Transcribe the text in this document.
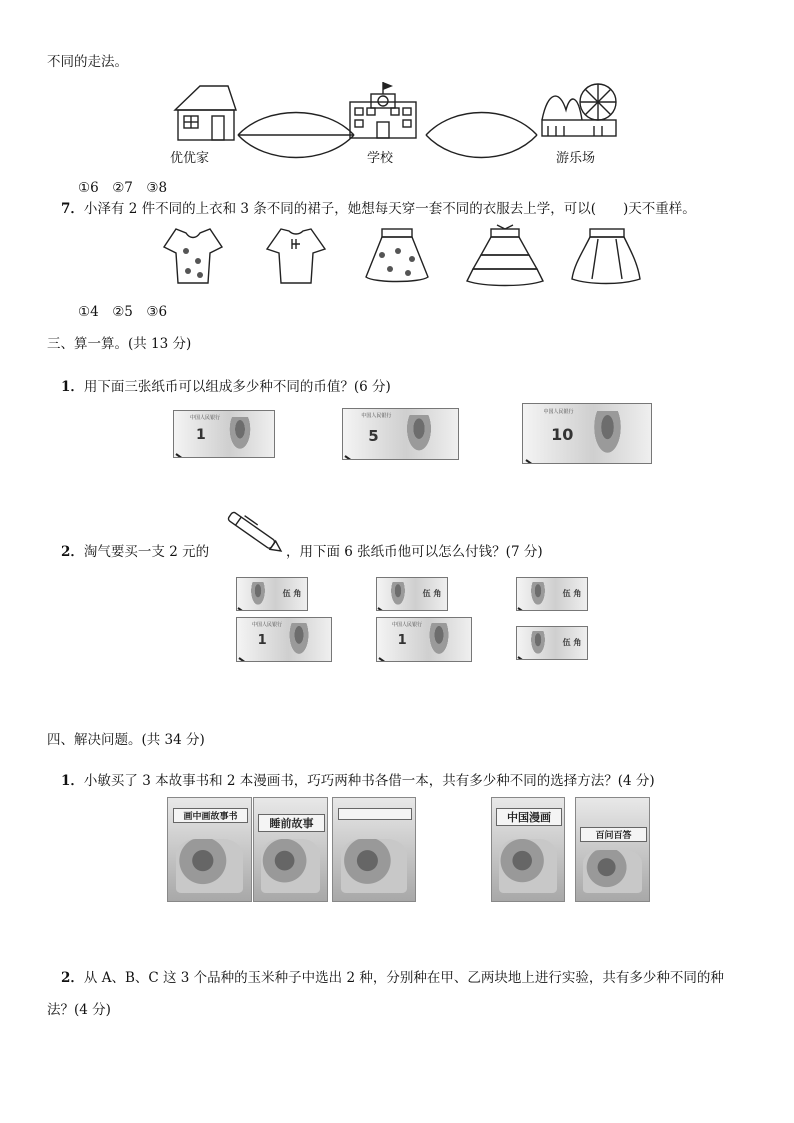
不同的走法。
优优家	学校	游乐场
①6　②7　③8
7．小泽有 2 件不同的上衣和 3 条不同的裙子，她想每天穿一套不同的衣服去上学，可以(　　)天不重样。
①4　②5　③6
三、算一算。(共 13 分)
1．用下面三张纸币可以组成多少种不同的币值？(6 分)
中国人民银行
1
中国人民银行
5
中国人民银行
10
2．淘气要买一支 2 元的	，用下面 6 张纸币他可以怎么付钱？(7 分)
伍 角	伍 角	伍 角
中国人民银行
1
中国人民银行
1	伍 角
四、解决问题。(共 34 分)
1．小敏买了 3 本故事书和 2 本漫画书，巧巧两种书各借一本，共有多少种不同的选择方法？(4 分)
画中画故事书
睡前故事	中国漫画
百问百答
2．从 A、B、C 这 3 个品种的玉米种子中选出 2 种，分别种在甲、乙两块地上进行实验，共有多少种不同的种
法？(4 分)
